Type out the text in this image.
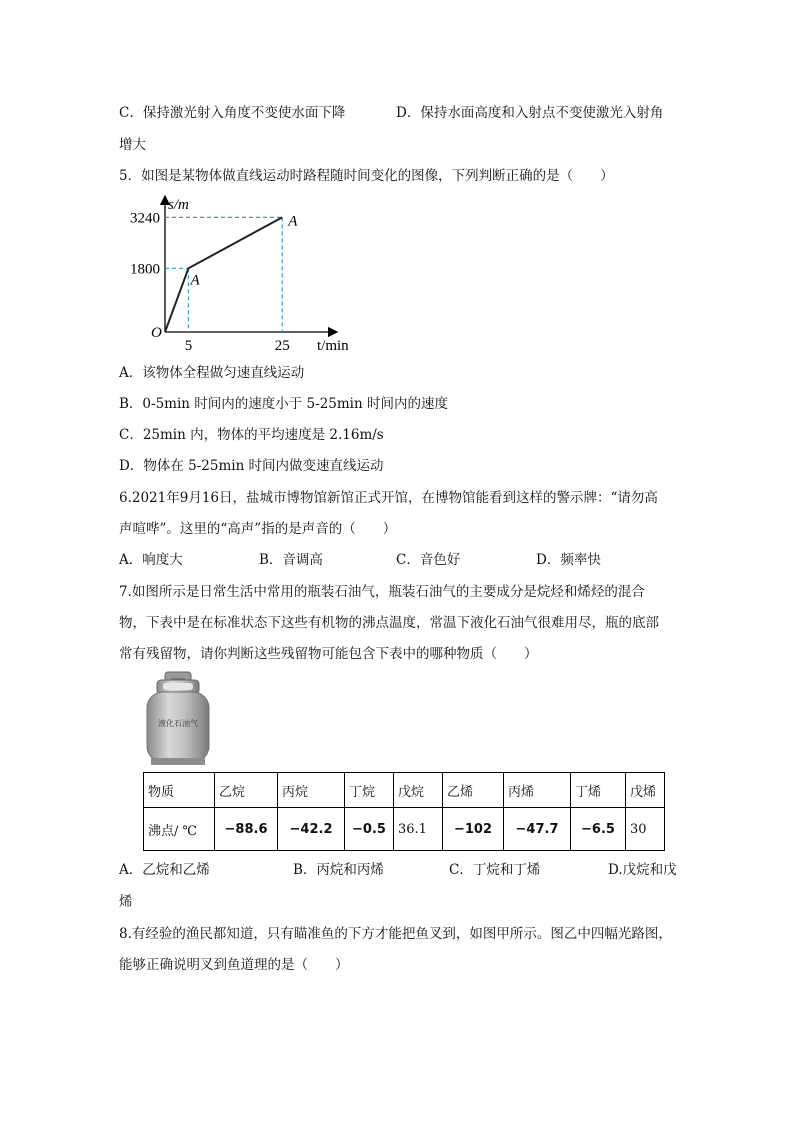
C．保持激光射入角度不变使水面下降	D．保持水面高度和入射点不变使激光入射角
增大
5．如图是某物体做直线运动时路程随时间变化的图像，下列判断正确的是（　　）
1800
3240
5	25
A
A
O
s/m
t/min
A．该物体全程做匀速直线运动
B．0-5min 时间内的速度小于 5-25min 时间内的速度
C．25min 内，物体的平均速度是 2.16m/s
D．物体在 5-25min 时间内做变速直线运动
6.2021年9月16日，盐城市博物馆新馆正式开馆，在博物馆能看到这样的警示牌：“请勿高
声喧哗”。这里的“高声”指的是声音的（　　）
A．响度大	B．音调高	C．音色好	D．频率快
7.如图所示是日常生活中常用的瓶装石油气，瓶装石油气的主要成分是烷烃和烯烃的混合
物，下表中是在标准状态下这些有机物的沸点温度，常温下液化石油气很难用尽，瓶的底部
常有残留物，请你判断这些残留物可能包含下表中的哪种物质（　　）
液化石油气
物质	乙烷	丙烷	丁烷	戊烷	乙烯	丙烯	丁烯	戊烯
沸点/ ℃	−88.6	−42.2	−0.5	36.1	−102	−47.7	−6.5	30
A．乙烷和乙烯	B．丙烷和丙烯	C．丁烷和丁烯	D.戊烷和戊
烯
8.有经验的渔民都知道，只有瞄准鱼的下方才能把鱼叉到，如图甲所示。图乙中四幅光路图，
能够正确说明叉到鱼道理的是（　　）
